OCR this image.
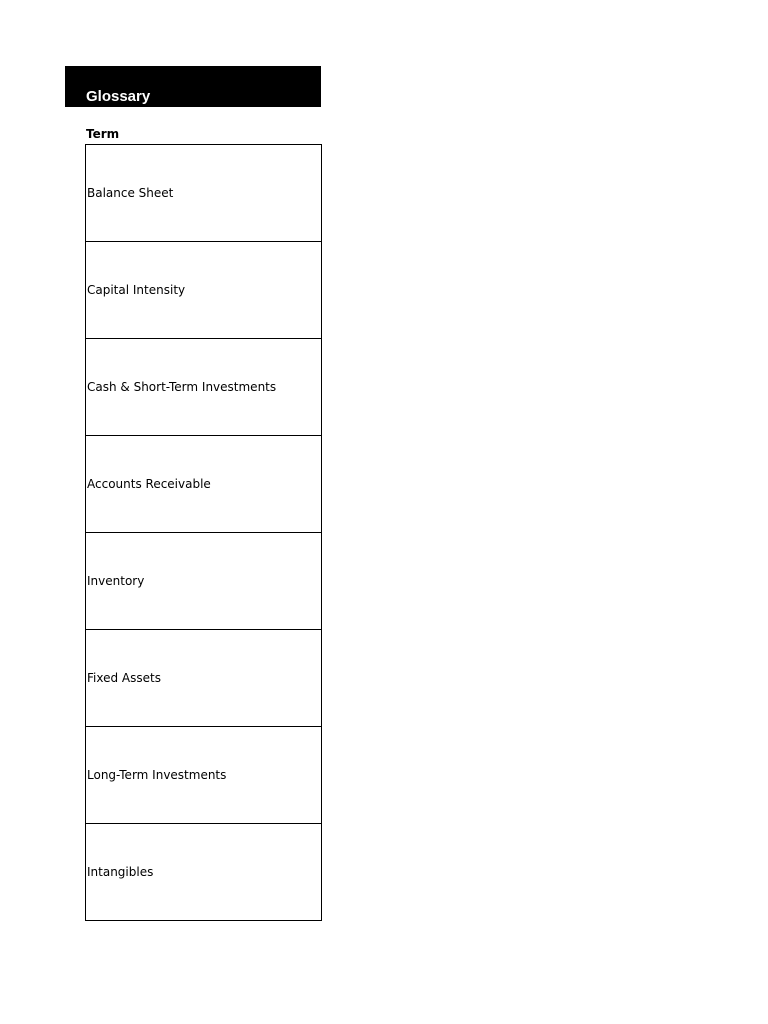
Glossary
Term
Balance Sheet
Capital Intensity
Cash & Short-Term Investments
Accounts Receivable
Inventory
Fixed Assets
Long-Term Investments
Intangibles
